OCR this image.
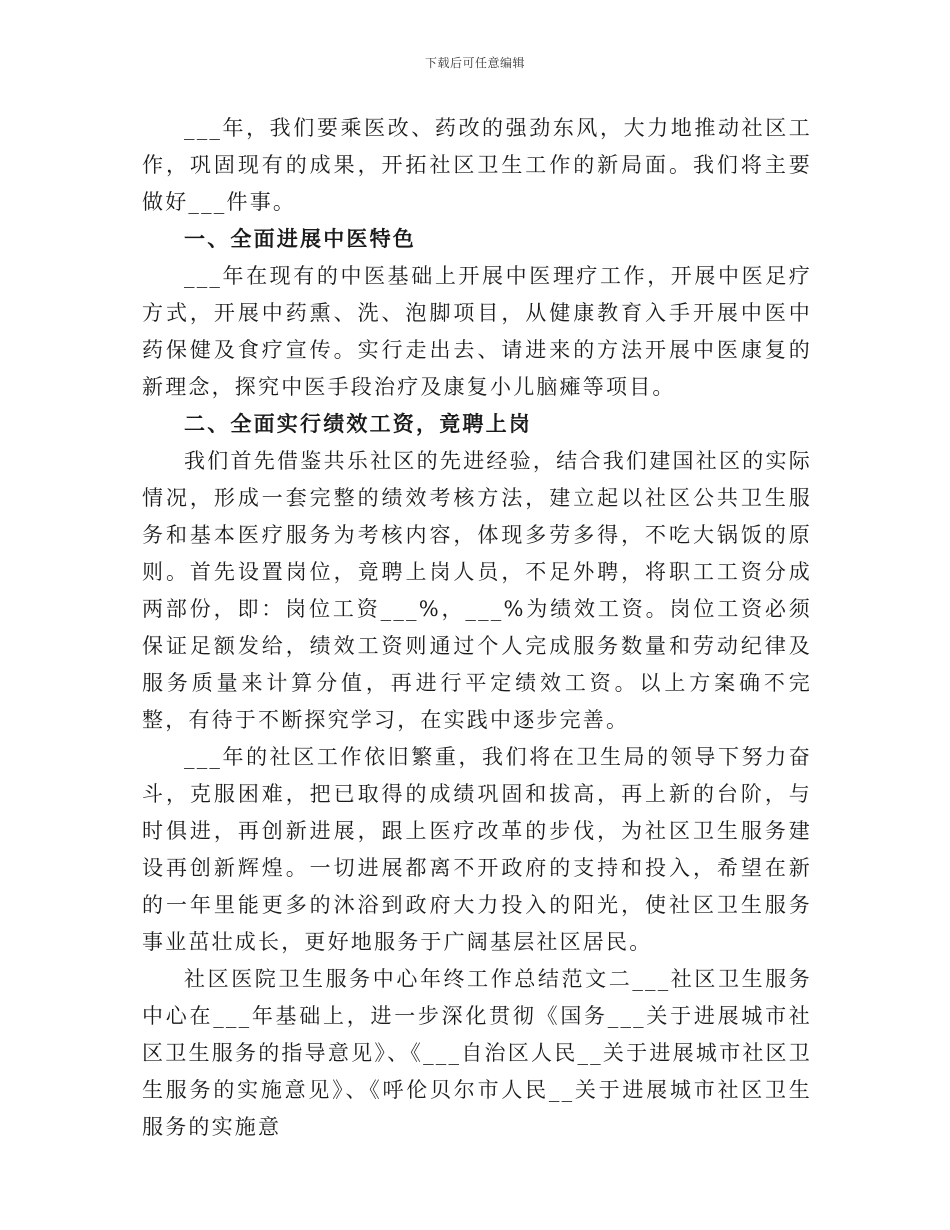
下载后可任意编辑

___年，我们要乘医改、药改的强劲东风，大力地推动社区工作，巩固现有的成果，开拓社区卫生工作的新局面。我们将主要做好___件事。

一、全面进展中医特色

___年在现有的中医基础上开展中医理疗工作，开展中医足疗方式，开展中药熏、洗、泡脚项目，从健康教育入手开展中医中药保健及食疗宣传。实行走出去、请进来的方法开展中医康复的新理念，探究中医手段治疗及康复小儿脑瘫等项目。

二、全面实行绩效工资，竟聘上岗

我们首先借鉴共乐社区的先进经验，结合我们建国社区的实际情况，形成一套完整的绩效考核方法，建立起以社区公共卫生服务和基本医疗服务为考核内容，体现多劳多得，不吃大锅饭的原则。首先设置岗位，竟聘上岗人员，不足外聘，将职工工资分成两部份，即：岗位工资___%，___%为绩效工资。岗位工资必须保证足额发给，绩效工资则通过个人完成服务数量和劳动纪律及服务质量来计算分值，再进行平定绩效工资。以上方案确不完整，有待于不断探究学习，在实践中逐步完善。

___年的社区工作依旧繁重，我们将在卫生局的领导下努力奋斗，克服困难，把已取得的成绩巩固和拔高，再上新的台阶，与时俱进，再创新进展，跟上医疗改革的步伐，为社区卫生服务建设再创新辉煌。一切进展都离不开政府的支持和投入，希望在新的一年里能更多的沐浴到政府大力投入的阳光，使社区卫生服务事业茁壮成长，更好地服务于广阔基层社区居民。

社区医院卫生服务中心年终工作总结范文二___社区卫生服务中心在___年基础上，进一步深化贯彻《国务___关于进展城市社区卫生服务的指导意见》、《___自治区人民__关于进展城市社区卫生服务的实施意见》、《呼伦贝尔市人民__关于进展城市社区卫生服务的实施意
